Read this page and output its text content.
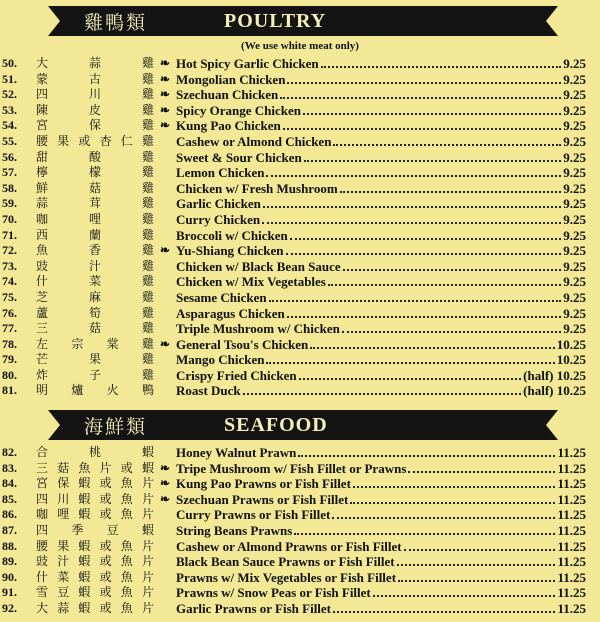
雞鴨類	POULTRY
(We use white meat only)
50.	大	蒜	雞 ❧ Hot Spicy Garlic Chicken	9.25
51.	蒙	古	雞 ❧ Mongolian Chicken	9.25
52.	四	川	雞 ❧ Szechuan Chicken	9.25
53.	陳	皮	雞 ❧ Spicy Orange Chicken	9.25
54.	宮	保	雞 ❧ Kung Pao Chicken	9.25
55.	腰 果 或 杏 仁 雞 Cashew or Almond Chicken	9.25
56.	甜	酸	雞 Sweet & Sour Chicken	9.25
57.	檸	檬	雞 Lemon Chicken	9.25
58.	鮮	菇	雞 Chicken w/ Fresh Mushroom	9.25
59.	蒜	茸	雞 Garlic Chicken	9.25
70.	咖	哩	雞 Curry Chicken	9.25
71.	西	蘭	雞 Broccoli w/ Chicken	9.25
72.	魚	香	雞 ❧ Yu-Shiang Chicken	9.25
73.	豉	汁	雞 Chicken w/ Black Bean Sauce	9.25
74.	什	菜	雞 Chicken w/ Mix Vegetables	9.25
75.	芝	麻	雞 Sesame Chicken	9.25
76.	蘆	筍	雞 Asparagus Chicken	9.25
77.	三	菇	雞 Triple Mushroom w/ Chicken	9.25
78.	左 宗 棠 雞 ❧ General Tsou's Chicken	10.25
79.	芒	果	雞 Mango Chicken	10.25
80.	炸	子	雞 Crispy Fried Chicken	(half) 10.25
81.	明 爐 火 鴨 Roast Duck	(half) 10.25
海鮮類	SEAFOOD
82.	合	桃	蝦 Honey Walnut Prawn	11.25
83.	三 菇 魚 片 或 蝦 ❧ Tripe Mushroom w/ Fish Fillet or Prawns	11.25
84.	宮 保 蝦 或 魚 片 ❧ Kung Pao Prawns or Fish Fillet	11.25
85.	四 川 蝦 或 魚 片 ❧ Szechuan Prawns or Fish Fillet	11.25
86.	咖 哩 蝦 或 魚 片 Curry Prawns or Fish Fillet	11.25
87.	四 季 豆 蝦 String Beans Prawns	11.25
88.	腰 果 蝦 或 魚 片 Cashew or Almond Prawns or Fish Fillet	11.25
89.	豉 汁 蝦 或 魚 片 Black Bean Sauce Prawns or Fish Fillet	11.25
90.	什 菜 蝦 或 魚 片 Prawns w/ Mix Vegetables or Fish Fillet	11.25
91.	雪 豆 蝦 或 魚 片 Prawns w/ Snow Peas or Fish Fillet	11.25
92.	大 蒜 蝦 或 魚 片 Garlic Prawns or Fish Fillet	11.25
